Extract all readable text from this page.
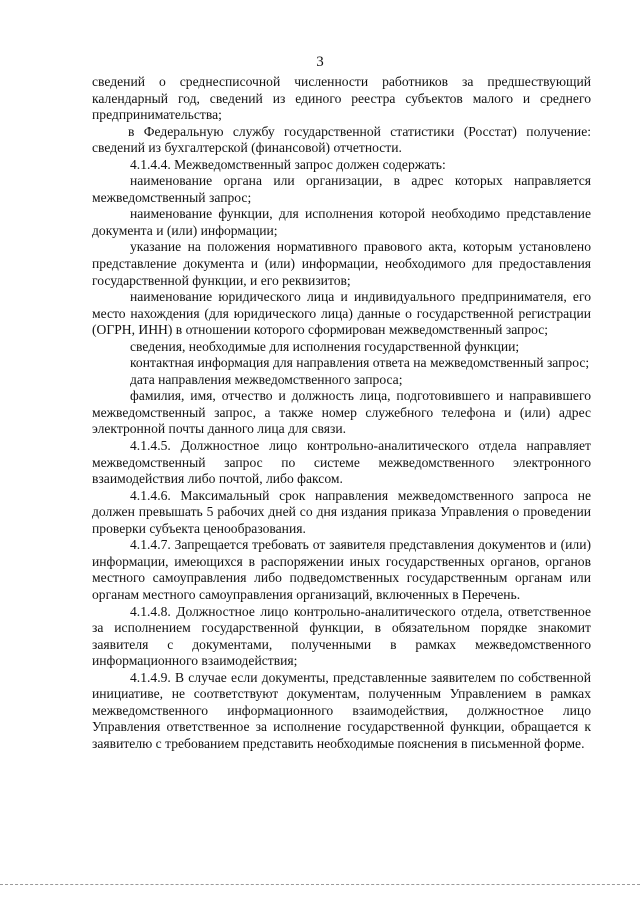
3

сведений о среднесписочной численности работников за предшествующий календарный год, сведений из единого реестра субъектов малого и среднего предпринимательства;

в Федеральную службу государственной статистики (Росстат) получение: сведений из бухгалтерской (финансовой) отчетности.

4.1.4.4. Межведомственный запрос должен содержать:

наименование органа или организации, в адрес которых направляется межведомственный запрос;

наименование функции, для исполнения которой необходимо представление документа и (или) информации;

указание на положения нормативного правового акта, которым установлено представление документа и (или) информации, необходимого для предоставления государственной функции, и его реквизитов;

наименование юридического лица и индивидуального предпринимателя, его место нахождения (для юридического лица) данные о государственной регистрации (ОГРН, ИНН) в отношении которого сформирован межведомственный запрос;

сведения, необходимые для исполнения государственной функции;

контактная информация для направления ответа на межведомственный запрос;

дата направления межведомственного запроса;

фамилия, имя, отчество и должность лица, подготовившего и направившего межведомственный запрос, а также номер служебного телефона и (или) адрес электронной почты данного лица для связи.

4.1.4.5. Должностное лицо контрольно-аналитического отдела направляет межведомственный запрос по системе межведомственного электронного взаимодействия либо почтой, либо факсом.

4.1.4.6. Максимальный срок направления межведомственного запроса не должен превышать 5 рабочих дней со дня издания приказа Управления о проведении проверки субъекта ценообразования.

4.1.4.7. Запрещается требовать от заявителя представления документов и (или) информации, имеющихся в распоряжении иных государственных органов, органов местного самоуправления либо подведомственных государственным органам или органам местного самоуправления организаций, включенных в Перечень.

4.1.4.8. Должностное лицо контрольно-аналитического отдела, ответственное за исполнением государственной функции, в обязательном порядке знакомит заявителя с документами, полученными в рамках межведомственного информационного взаимодействия;

4.1.4.9. В случае если документы, представленные заявителем по собственной инициативе, не соответствуют документам, полученным Управлением в рамках межведомственного информационного взаимодействия, должностное лицо Управления ответственное за исполнение государственной функции, обращается к заявителю с требованием представить необходимые пояснения в письменной форме.
